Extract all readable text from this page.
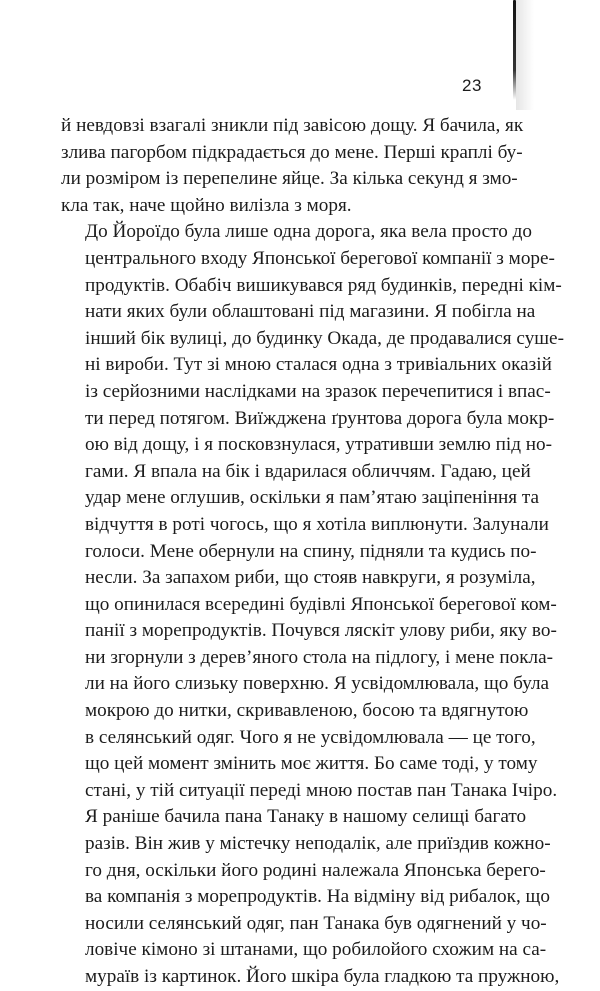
23

й невдовзі взагалі зникли під завісою дощу. Я бачила, як
злива пагорбом підкрадається до мене. Перші краплі бу-
ли розміром із перепелине яйце. За кілька секунд я змо-
кла так, наче щойно вилізла з моря.

До Йороїдо була лише одна дорога, яка вела просто до
центрального входу Японської берегової компанії з море-
продуктів. Обабіч вишикувався ряд будинків, передні кім-
нати яких були облаштовані під магазини. Я побігла на
інший бік вулиці, до будинку Окада, де продавалися суше-
ні вироби. Тут зі мною сталася одна з тривіальних оказій
із серйозними наслідками на зразок перечепитися і впас-
ти перед потягом. Виїжджена ґрунтова дорога була мокр-
ою від дощу, і я посковзнулася, утративши землю під но-
гами. Я впала на бік і вдарилася обличчям. Гадаю, цей
удар мене оглушив, оскільки я пам’ятаю заціпеніння та
відчуття в роті чогось, що я хотіла виплюнути. Залунали
голоси. Мене обернули на спину, підняли та кудись по-
несли. За запахом риби, що стояв навкруги, я розуміла,
що опинилася всередині будівлі Японської берегової ком-
панії з морепродуктів. Почувся ляскіт улову риби, яку во-
ни згорнули з дерев’яного стола на підлогу, і мене покла-
ли на його слизьку поверхню. Я усвідомлювала, що була
мокрою до нитки, скривавленою, босою та вдягнутою
в селянський одяг. Чого я не усвідомлювала — це того,
що цей момент змінить моє життя. Бо саме тоді, у тому
стані, у тій ситуації переді мною постав пан Танака Ічіро.

Я раніше бачила пана Танаку в нашому селищі багато
разів. Він жив у містечку неподалік, але приїздив кожно-
го дня, оскільки його родині належала Японська берего-
ва компанія з морепродуктів. На відміну від рибалок, що
носили селянський одяг, пан Танака був одягнений у чо-
ловіче кімоно зі штанами, що робилойого схожим на са-
мураїв із картинок. Його шкіра була гладкою та пружною,
